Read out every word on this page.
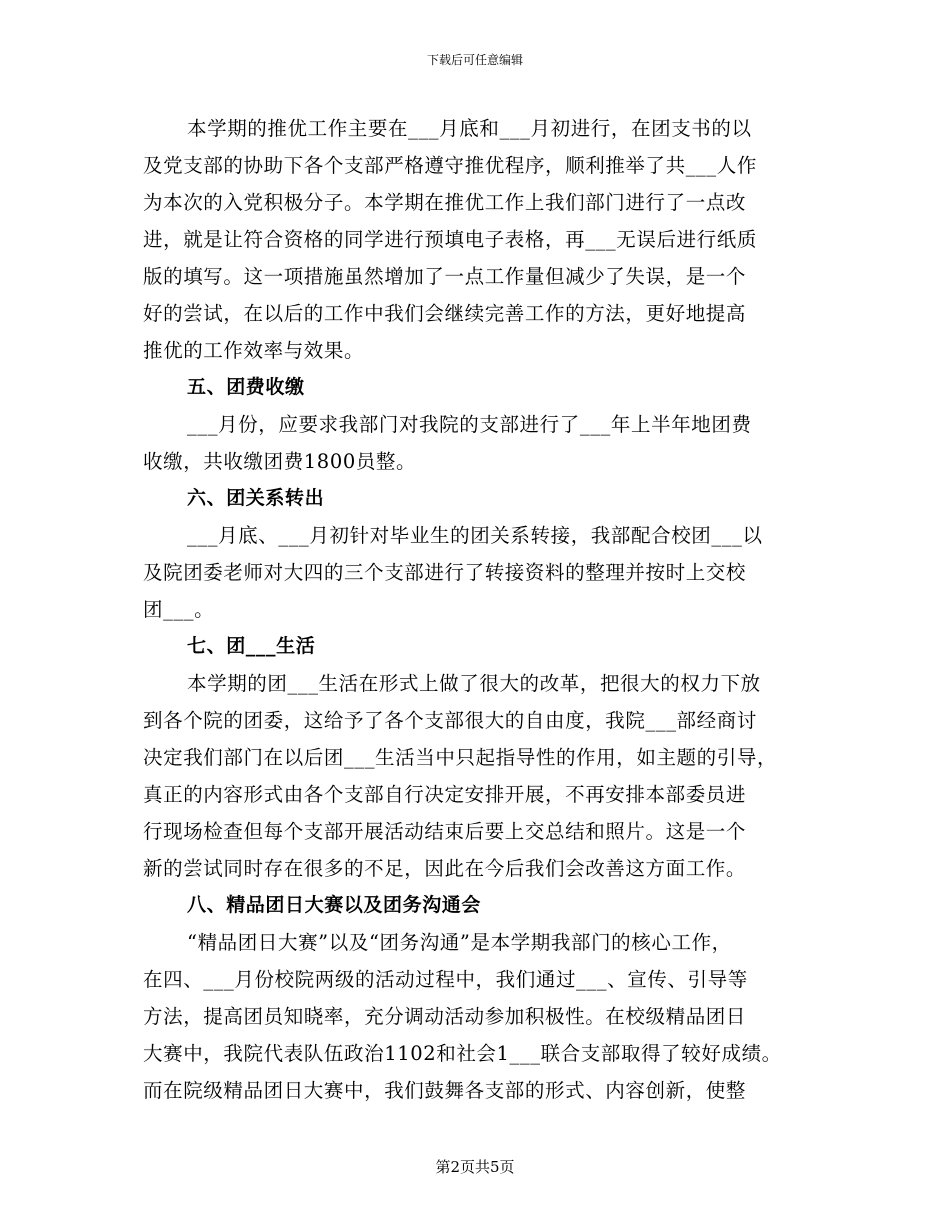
下载后可任意编辑
本学期的推优工作主要在___月底和___月初进行，在团支书的以
及党支部的协助下各个支部严格遵守推优程序，顺利推举了共___人作
为本次的入党积极分子。本学期在推优工作上我们部门进行了一点改
进，就是让符合资格的同学进行预填电子表格，再___无误后进行纸质
版的填写。这一项措施虽然增加了一点工作量但减少了失误，是一个
好的尝试，在以后的工作中我们会继续完善工作的方法，更好地提高
推优的工作效率与效果。
五、团费收缴
___月份，应要求我部门对我院的支部进行了___年上半年地团费
收缴，共收缴团费1800员整。
六、团关系转出
___月底、___月初针对毕业生的团关系转接，我部配合校团___以
及院团委老师对大四的三个支部进行了转接资料的整理并按时上交校
团___。
七、团___生活
本学期的团___生活在形式上做了很大的改革，把很大的权力下放
到各个院的团委，这给予了各个支部很大的自由度，我院___部经商讨
决定我们部门在以后团___生活当中只起指导性的作用，如主题的引导，
真正的内容形式由各个支部自行决定安排开展，不再安排本部委员进
行现场检查但每个支部开展活动结束后要上交总结和照片。这是一个
新的尝试同时存在很多的不足，因此在今后我们会改善这方面工作。
八、精品团日大赛以及团务沟通会
“精品团日大赛”以及“团务沟通”是本学期我部门的核心工作，
在四、___月份校院两级的活动过程中，我们通过___、宣传、引导等
方法，提高团员知晓率，充分调动活动参加积极性。在校级精品团日
大赛中，我院代表队伍政治1102和社会1___联合支部取得了较好成绩。
而在院级精品团日大赛中，我们鼓舞各支部的形式、内容创新，使整
第2页共5页
